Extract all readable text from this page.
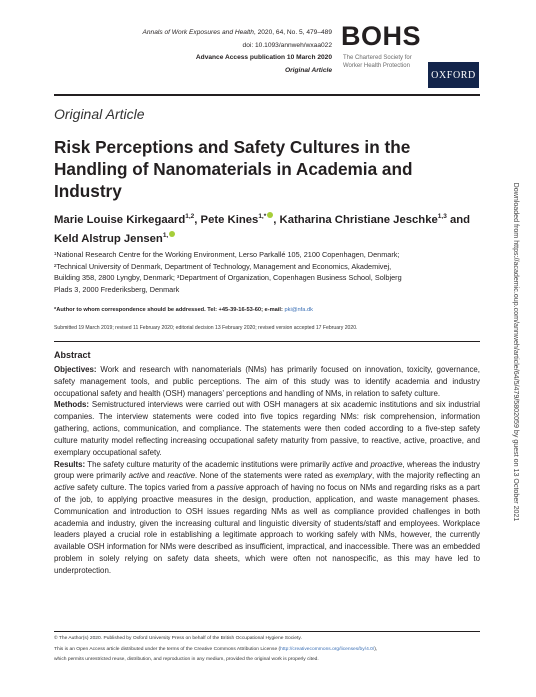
Annals of Work Exposures and Health, 2020, 64, No. 5, 479–489
doi: 10.1093/annweh/wxaa022
Advance Access publication 10 March 2020
Original Article
BOHS
The Chartered Society for
Worker Health Protection
OXFORD
Original Article
Risk Perceptions and Safety Cultures in the Handling of Nanomaterials in Academia and Industry
Marie Louise Kirkegaard$^{1,2}$, Pete Kines$^{1,*}$ , Katharina Christiane Jeschke$^{1,3}$ and Keld Alstrup Jensen$^{1,}$
¹National Research Centre for the Working Environment, Lerso Parkallé 105, 2100 Copenhagen, Denmark;
²Technical University of Denmark, Department of Technology, Management and Economics, Akademivej,
Building 358, 2800 Lyngby, Denmark; ³Department of Organization, Copenhagen Business School, Solbjerg
Plads 3, 2000 Frederiksberg, Denmark
*Author to whom correspondence should be addressed. Tel: +45-39-16-53-60; e-mail: pki@nfa.dk
Submitted 19 March 2019; revised 11 February 2020; editorial decision 13 February 2020; revised version accepted 17 February 2020.
Abstract

Objectives: Work and research with nanomaterials (NMs) has primarily focused on innovation, toxicity, governance, safety management tools, and public perceptions. The aim of this study was to identify academia and industry occupational safety and health (OSH) managers’ perceptions and handling of NMs, in relation to safety culture.

Methods: Semistructured interviews were carried out with OSH managers at six academic institutions and six industrial companies. The interview statements were coded into five topics regarding NMs: risk comprehension, information gathering, actions, communication, and compliance. The statements were then coded according to a five-step safety culture maturity model reflecting increasing occupational safety maturity from passive, to reactive, active, proactive, and exemplary occupational safety.

Results: The safety culture maturity of the academic institutions were primarily active and proactive, whereas the industry group were primarily active and reactive. None of the statements were rated as exemplary, with the majority reflecting an active safety culture. The topics varied from a passive approach of having no focus on NMs and regarding risks as a part of the job, to applying proactive measures in the design, production, application, and waste management phases. Communication and introduction to OSH issues regarding NMs as well as compliance provided challenges in both academia and industry, given the increasing cultural and linguistic diversity of students/staff and employees. Workplace leaders played a crucial role in establishing a legitimate approach to working safely with NMs, however, the currently available OSH information for NMs were described as insufficient, impractical, and inaccessible. There was an embedded problem in solely relying on safety data sheets, which were often not nanospecific, as this may have led to underprotection.

© The Author(s) 2020. Published by Oxford University Press on behalf of the British Occupational Hygiene Society.
This is an Open Access article distributed under the terms of the Creative Commons Attribution License (http://creativecommons.org/licenses/by/4.0/),
which permits unrestricted reuse, distribution, and reproduction in any medium, provided the original work is properly cited.
Downloaded from https://academic.oup.com/annweh/article/64/5/479/5802059 by guest on 13 October 2021
